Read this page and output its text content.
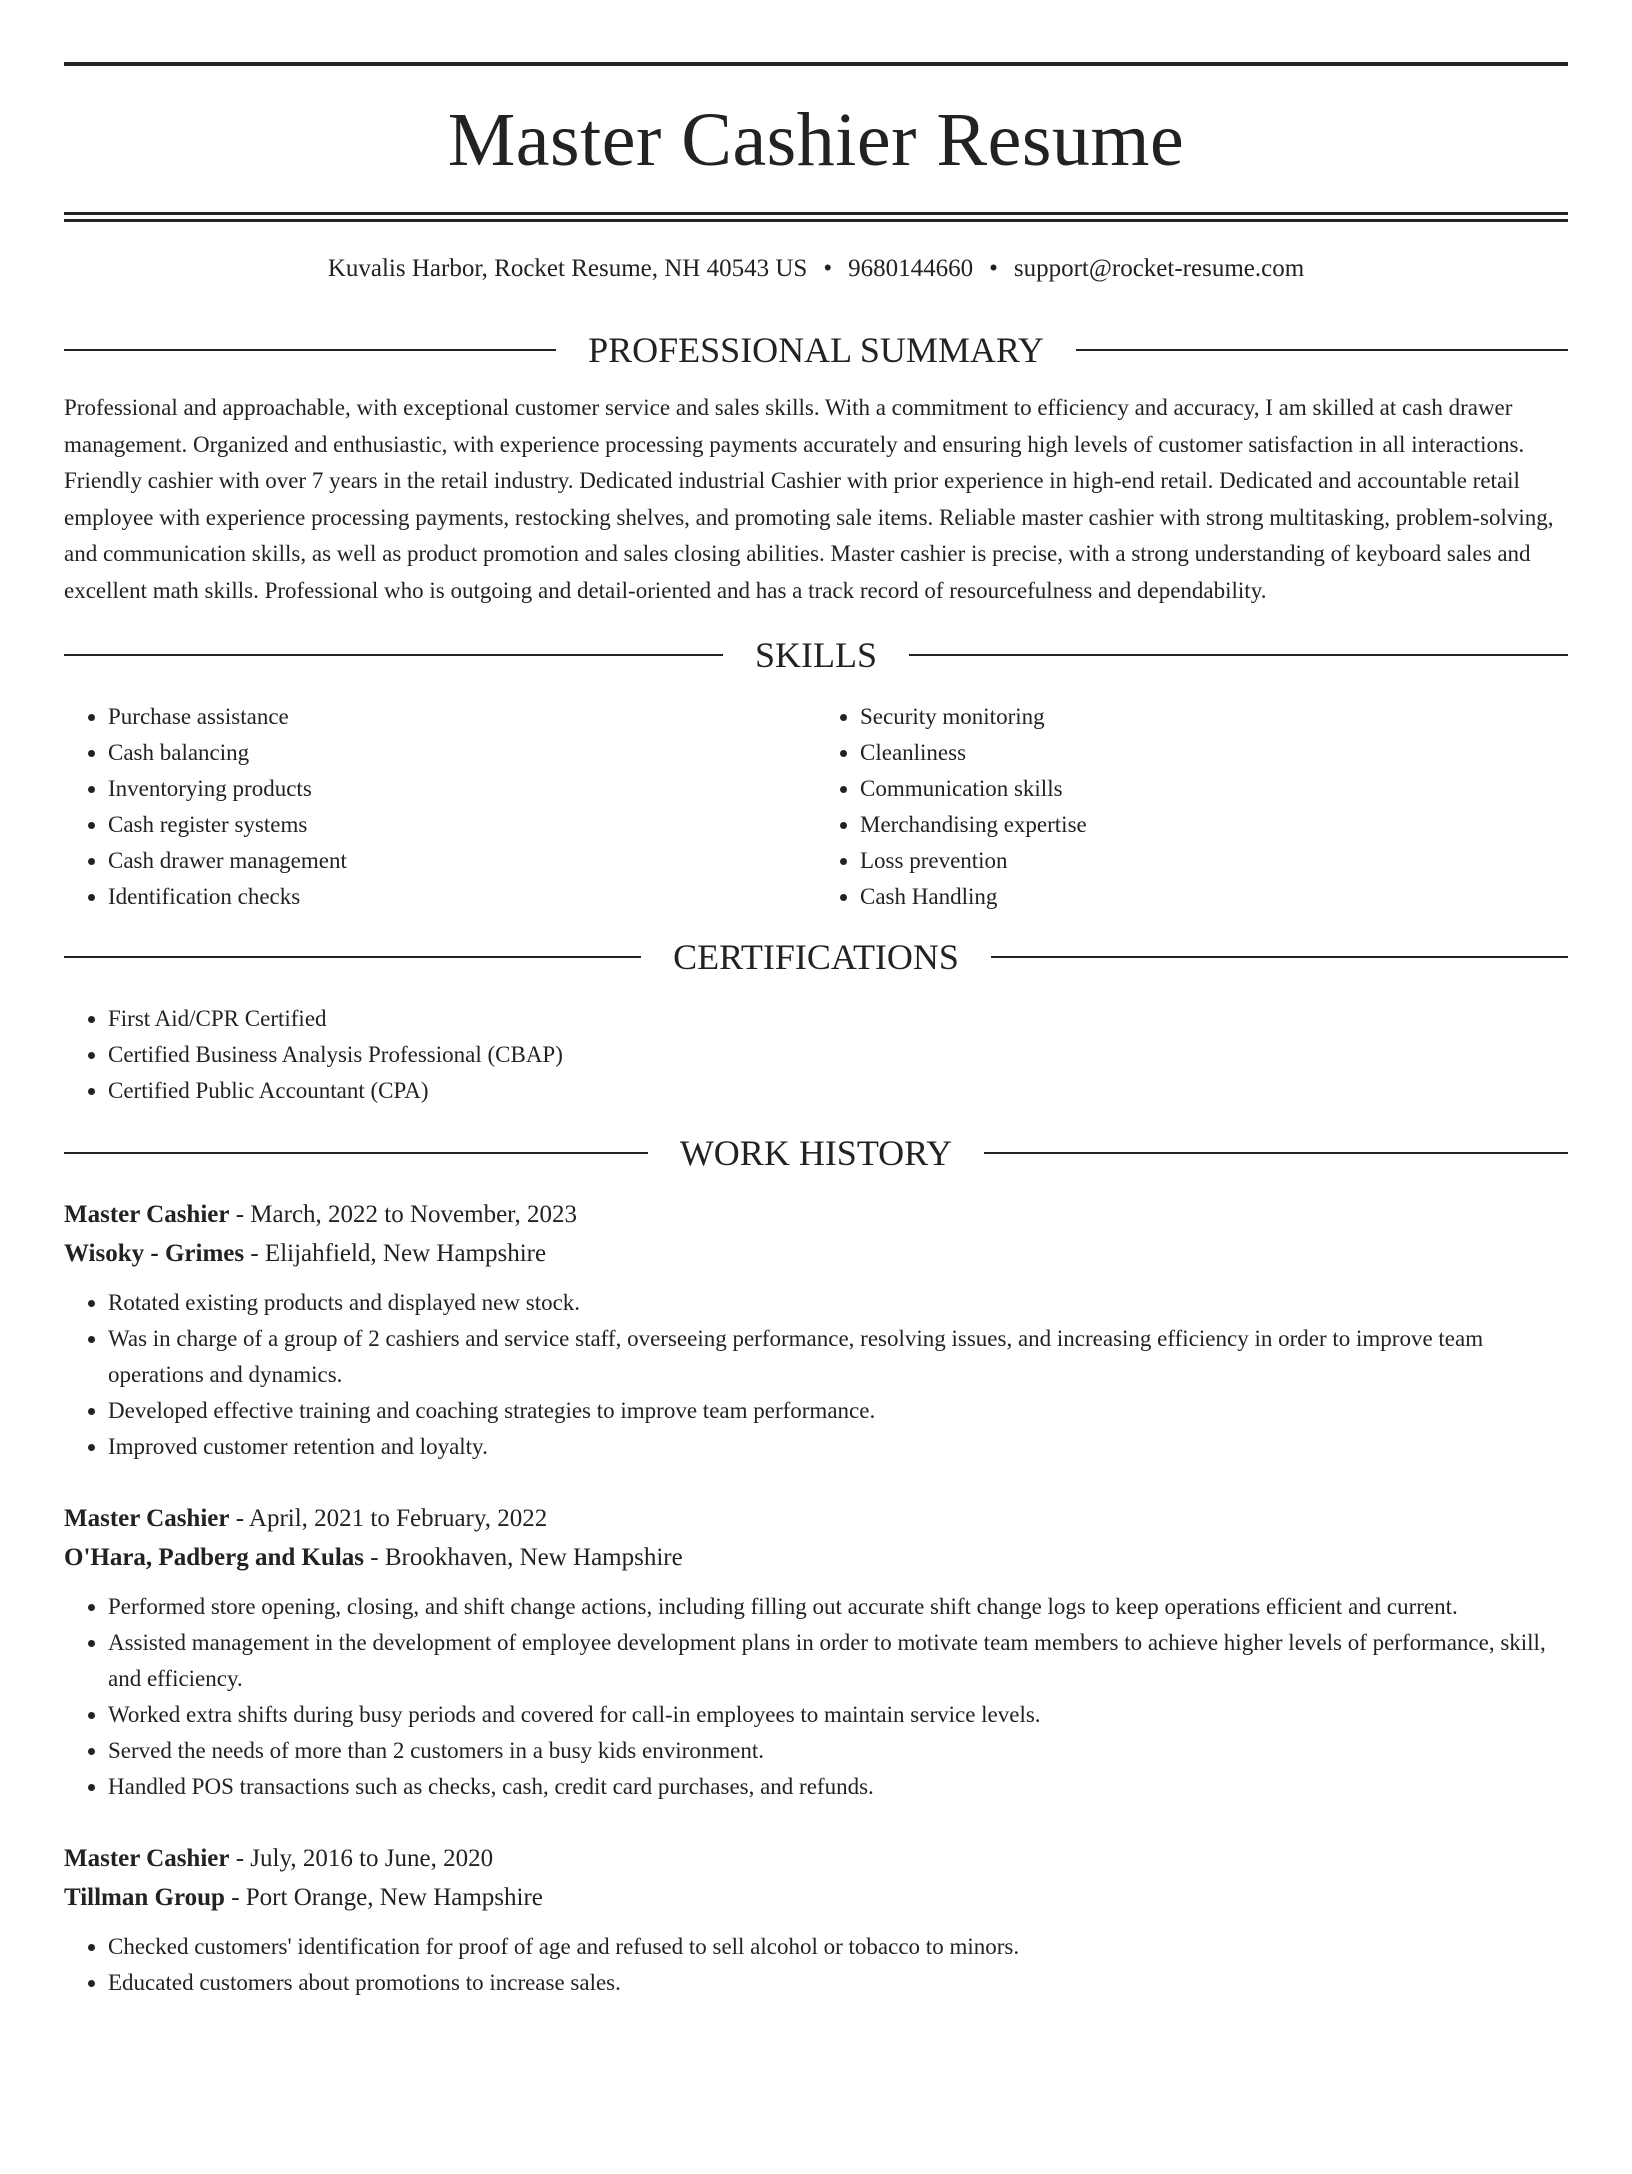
Master Cashier Resume
Kuvalis Harbor, Rocket Resume, NH 40543 US • 9680144660 • support@rocket-resume.com
PROFESSIONAL SUMMARY

Professional and approachable, with exceptional customer service and sales skills. With a commitment to efficiency and accuracy, I am skilled at cash drawer management. Organized and enthusiastic, with experience processing payments accurately and ensuring high levels of customer satisfaction in all interactions. Friendly cashier with over 7 years in the retail industry. Dedicated industrial Cashier with prior experience in high-end retail. Dedicated and accountable retail employee with experience processing payments, restocking shelves, and promoting sale items. Reliable master cashier with strong multitasking, problem-solving, and communication skills, as well as product promotion and sales closing abilities. Master cashier is precise, with a strong understanding of keyboard sales and excellent math skills. Professional who is outgoing and detail-oriented and has a track record of resourcefulness and dependability.

SKILLS
• Purchase assistance
• Cash balancing
• Inventorying products
• Cash register systems
• Cash drawer management
• Identification checks
• Security monitoring
• Cleanliness
• Communication skills
• Merchandising expertise
• Loss prevention
• Cash Handling
CERTIFICATIONS
• First Aid/CPR Certified
• Certified Business Analysis Professional (CBAP)
• Certified Public Accountant (CPA)
WORK HISTORY

Master Cashier - March, 2022 to November, 2023

Wisoky - Grimes - Elijahfield, New Hampshire

• Rotated existing products and displayed new stock.
• Was in charge of a group of 2 cashiers and service staff, overseeing performance, resolving issues, and increasing efficiency in order to improve team operations and dynamics.
• Developed effective training and coaching strategies to improve team performance.
• Improved customer retention and loyalty.

Master Cashier - April, 2021 to February, 2022

O'Hara, Padberg and Kulas - Brookhaven, New Hampshire

• Performed store opening, closing, and shift change actions, including filling out accurate shift change logs to keep operations efficient and current.
• Assisted management in the development of employee development plans in order to motivate team members to achieve higher levels of performance, skill, and efficiency.
• Worked extra shifts during busy periods and covered for call-in employees to maintain service levels.
• Served the needs of more than 2 customers in a busy kids environment.
• Handled POS transactions such as checks, cash, credit card purchases, and refunds.

Master Cashier - July, 2016 to June, 2020

Tillman Group - Port Orange, New Hampshire

• Checked customers' identification for proof of age and refused to sell alcohol or tobacco to minors.
• Educated customers about promotions to increase sales.
